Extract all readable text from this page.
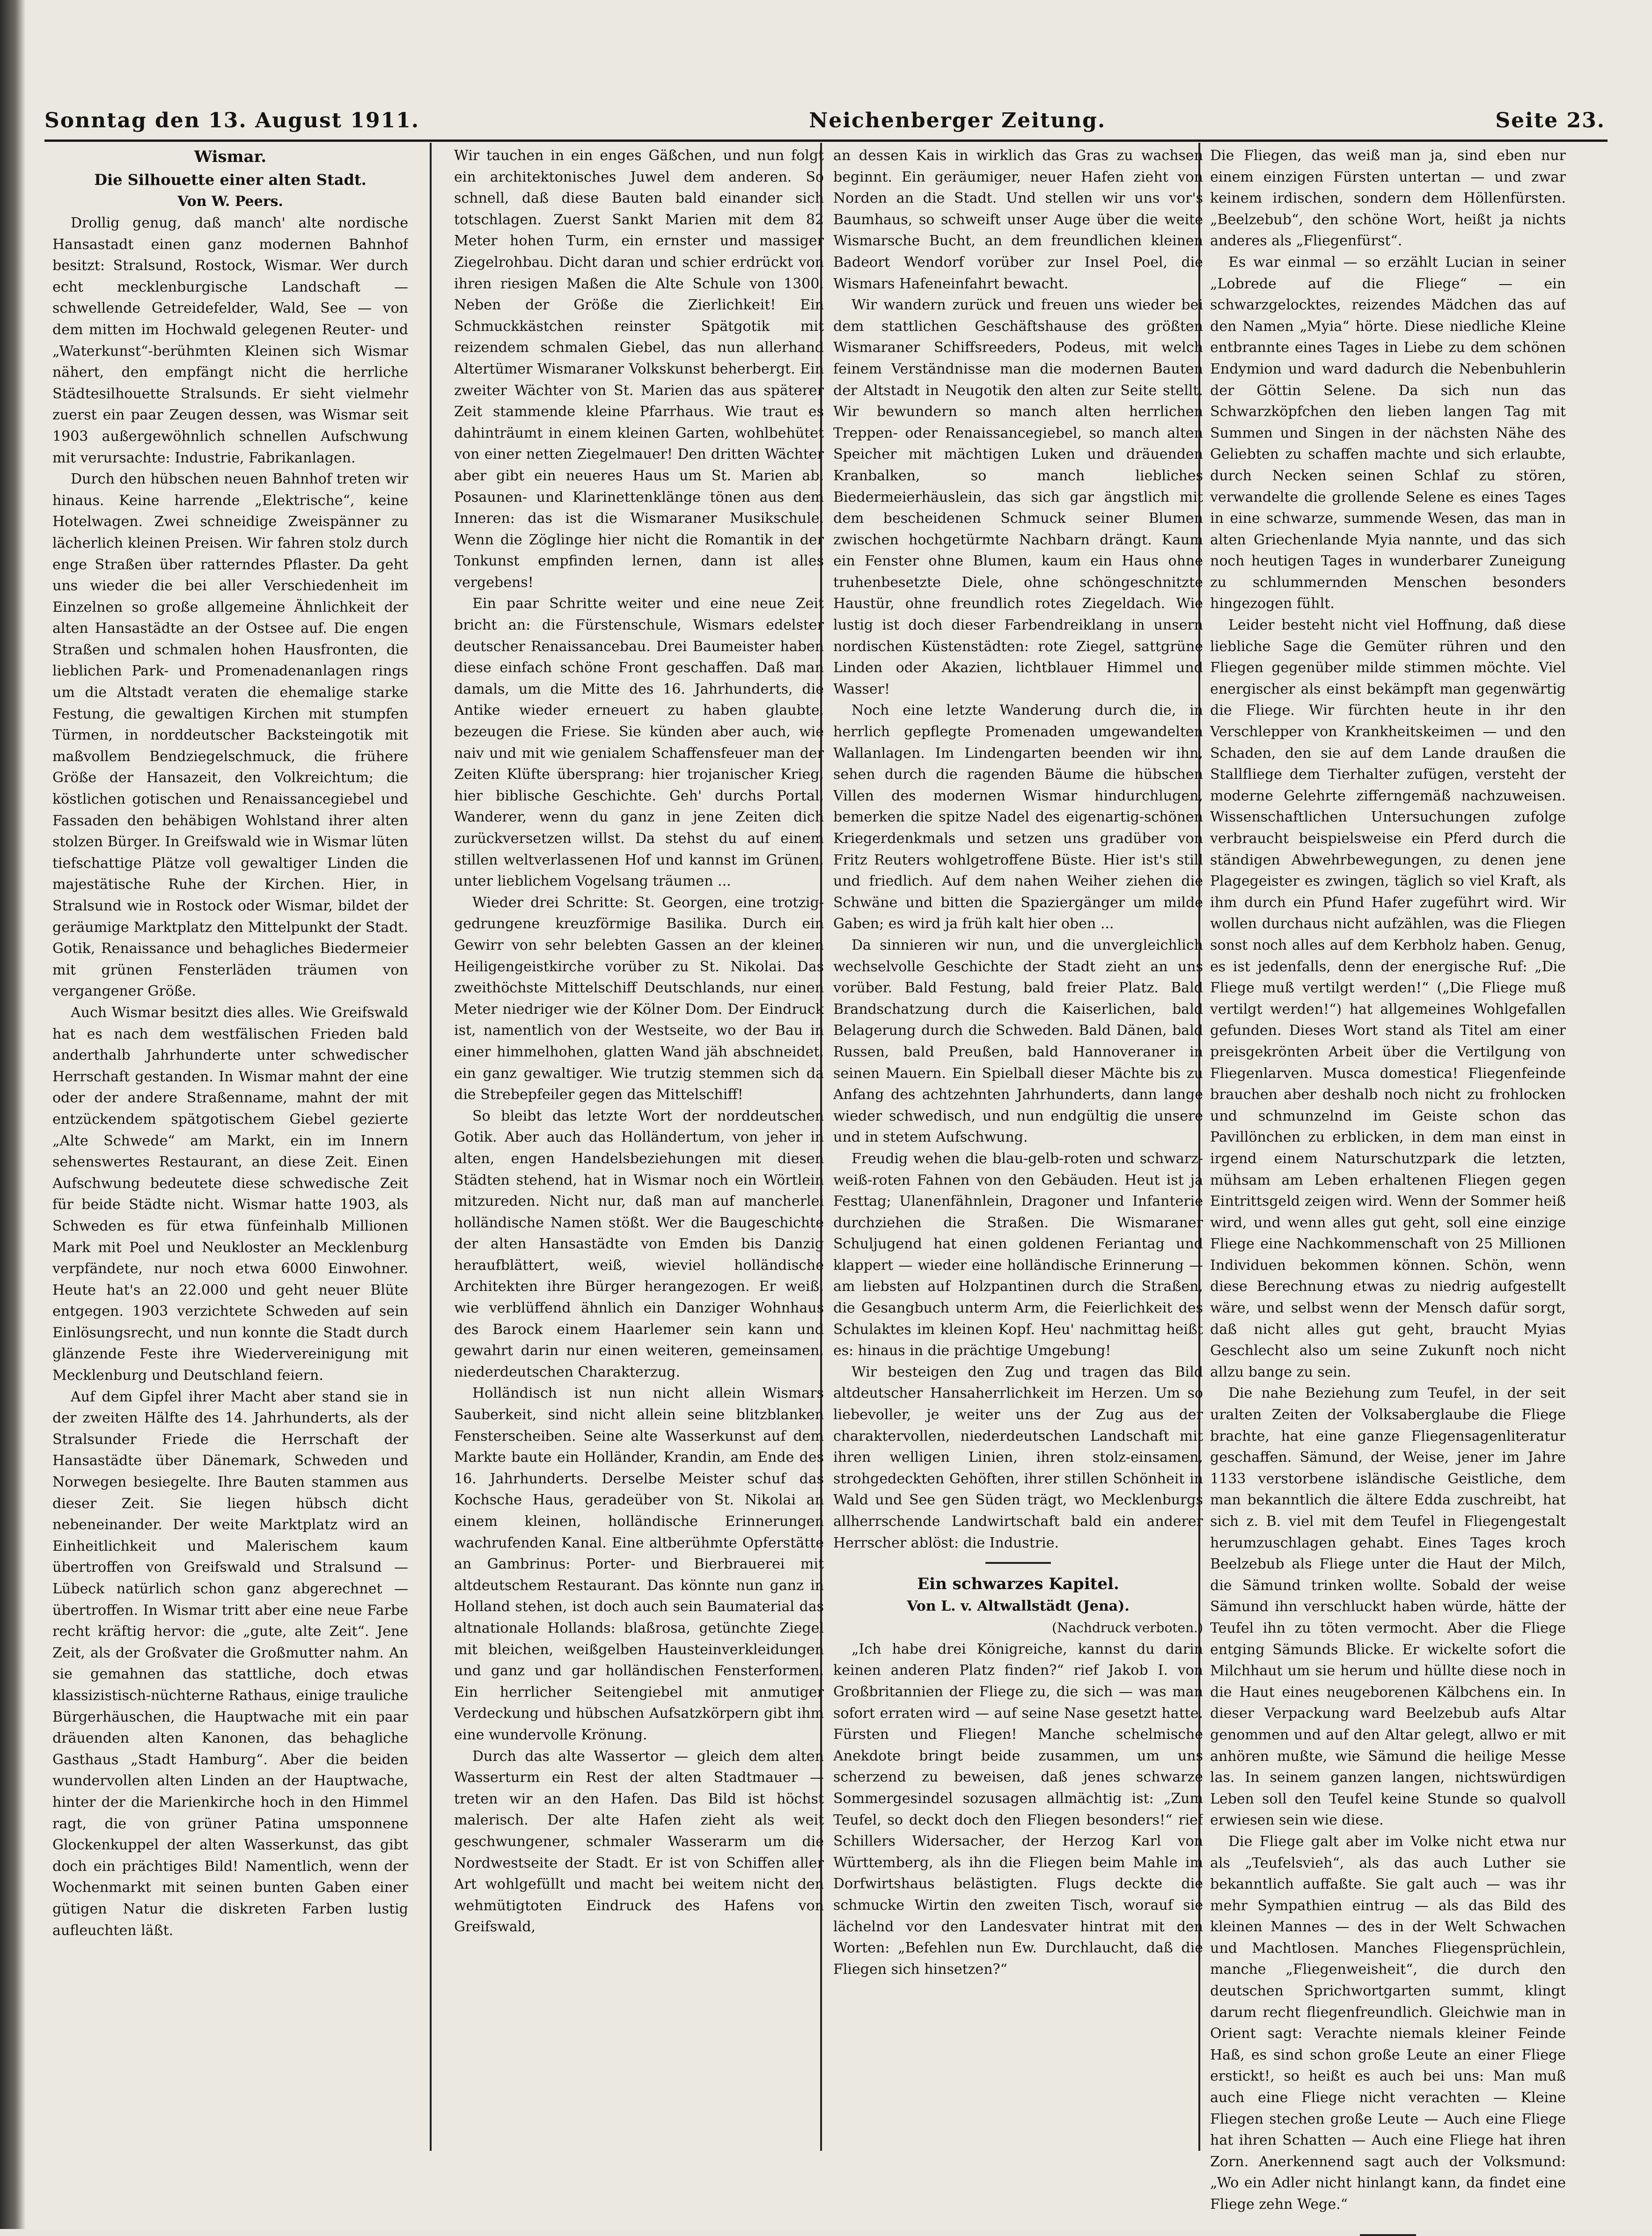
Sonntag den 13. August 1911.	Neichenberger Zeitung.	Seite 23.

Wismar.

Die Silhouette einer alten Stadt.

Von W. Peers.

Drollig genug, daß manch' alte nordische Hansastadt einen ganz modernen Bahnhof besitzt: Stralsund, Rostock, Wismar. Wer durch echt mecklenburgische Landschaft — schwellende Getreidefelder, Wald, See — von dem mitten im Hochwald gelegenen Reuter- und „Waterkunst“-berühmten Kleinen sich Wismar nähert, den empfängt nicht die herrliche Städtesilhouette Stralsunds. Er sieht vielmehr zuerst ein paar Zeugen dessen, was Wismar seit 1903 außergewöhnlich schnellen Aufschwung mit verursachte: Industrie, Fabrikanlagen.

Durch den hübschen neuen Bahnhof treten wir hinaus. Keine harrende „Elektrische“, keine Hotelwagen. Zwei schneidige Zweispänner zu lächerlich kleinen Preisen. Wir fahren stolz durch enge Straßen über ratterndes Pflaster. Da geht uns wieder die bei aller Verschiedenheit im Einzelnen so große allgemeine Ähnlichkeit der alten Hansastädte an der Ostsee auf. Die engen Straßen und schmalen hohen Hausfronten, die lieblichen Park- und Promenadenanlagen rings um die Altstadt veraten die ehemalige starke Festung, die gewaltigen Kirchen mit stumpfen Türmen, in norddeutscher Backsteingotik mit maßvollem Bendziegelschmuck, die frühere Größe der Hansazeit, den Volkreichtum; die köstlichen gotischen und Renaissancegiebel und Fassaden den behäbigen Wohlstand ihrer alten stolzen Bürger. In Greifswald wie in Wismar lüten tiefschattige Plätze voll gewaltiger Linden die majestätische Ruhe der Kirchen. Hier, in Stralsund wie in Rostock oder Wismar, bildet der geräumige Marktplatz den Mittelpunkt der Stadt. Gotik, Renaissance und behagliches Biedermeier mit grünen Fensterläden träumen von vergangener Größe.

Auch Wismar besitzt dies alles. Wie Greifswald hat es nach dem westfälischen Frieden bald anderthalb Jahrhunderte unter schwedischer Herrschaft gestanden. In Wismar mahnt der eine oder der andere Straßenname, mahnt der mit entzückendem spätgotischem Giebel gezierte „Alte Schwede“ am Markt, ein im Innern sehenswertes Restaurant, an diese Zeit. Einen Aufschwung bedeutete diese schwedische Zeit für beide Städte nicht. Wismar hatte 1903, als Schweden es für etwa fünfeinhalb Millionen Mark mit Poel und Neukloster an Mecklenburg verpfändete, nur noch etwa 6000 Einwohner. Heute hat's an 22.000 und geht neuer Blüte entgegen. 1903 verzichtete Schweden auf sein Einlösungsrecht, und nun konnte die Stadt durch glänzende Feste ihre Wiedervereinigung mit Mecklenburg und Deutschland feiern.

Auf dem Gipfel ihrer Macht aber stand sie in der zweiten Hälfte des 14. Jahrhunderts, als der Stralsunder Friede die Herrschaft der Hansastädte über Dänemark, Schweden und Norwegen besiegelte. Ihre Bauten stammen aus dieser Zeit. Sie liegen hübsch dicht nebeneinander. Der weite Marktplatz wird an Einheitlichkeit und Malerischem kaum übertroffen von Greifswald und Stralsund — Lübeck natürlich schon ganz abgerechnet — übertroffen. In Wismar tritt aber eine neue Farbe recht kräftig hervor: die „gute, alte Zeit“. Jene Zeit, als der Großvater die Großmutter nahm. An sie gemahnen das stattliche, doch etwas klassizistisch-nüchterne Rathaus, einige trauliche Bürgerhäuschen, die Hauptwache mit ein paar dräuenden alten Kanonen, das behagliche Gasthaus „Stadt Hamburg“. Aber die beiden wundervollen alten Linden an der Hauptwache, hinter der die Marienkirche hoch in den Himmel ragt, die von grüner Patina umsponnene Glockenkuppel der alten Wasserkunst, das gibt doch ein prächtiges Bild! Namentlich, wenn der Wochenmarkt mit seinen bunten Gaben einer gütigen Natur die diskreten Farben lustig aufleuchten läßt.

Wir tauchen in ein enges Gäßchen, und nun folgt ein architektonisches Juwel dem anderen. So schnell, daß diese Bauten bald einander sich totschlagen. Zuerst Sankt Marien mit dem 82 Meter hohen Turm, ein ernster und massiger Ziegelrohbau. Dicht daran und schier erdrückt von ihren riesigen Maßen die Alte Schule von 1300. Neben der Größe die Zierlichkeit! Ein Schmuckkästchen reinster Spätgotik mit reizendem schmalen Giebel, das nun allerhand Altertümer Wismaraner Volkskunst beherbergt. Ein zweiter Wächter von St. Marien das aus späterer Zeit stammende kleine Pfarrhaus. Wie traut es dahinträumt in einem kleinen Garten, wohlbehütet von einer netten Ziegelmauer! Den dritten Wächter aber gibt ein neueres Haus um St. Marien ab. Posaunen- und Klarinettenklänge tönen aus dem Inneren: das ist die Wismaraner Musikschule. Wenn die Zöglinge hier nicht die Romantik in der Tonkunst empfinden lernen, dann ist alles vergebens!

Ein paar Schritte weiter und eine neue Zeit bricht an: die Fürstenschule, Wismars edelster deutscher Renaissancebau. Drei Baumeister haben diese einfach schöne Front geschaffen. Daß man damals, um die Mitte des 16. Jahrhunderts, die Antike wieder erneuert zu haben glaubte, bezeugen die Friese. Sie künden aber auch, wie naiv und mit wie genialem Schaffensfeuer man der Zeiten Klüfte übersprang: hier trojanischer Krieg, hier biblische Geschichte. Geh' durchs Portal, Wanderer, wenn du ganz in jene Zeiten dich zurückversetzen willst. Da stehst du auf einem stillen weltverlassenen Hof und kannst im Grünen, unter lieblichem Vogelsang träumen ...

Wieder drei Schritte: St. Georgen, eine trotzig-gedrungene kreuzförmige Basilika. Durch ein Gewirr von sehr belebten Gassen an der kleinen Heiligengeistkirche vorüber zu St. Nikolai. Das zweithöchste Mittelschiff Deutschlands, nur einen Meter niedriger wie der Kölner Dom. Der Eindruck ist, namentlich von der Westseite, wo der Bau in einer himmelhohen, glatten Wand jäh abschneidet, ein ganz gewaltiger. Wie trutzig stemmen sich da die Strebepfeiler gegen das Mittelschiff!

So bleibt das letzte Wort der norddeutschen Gotik. Aber auch das Holländertum, von jeher in alten, engen Handelsbeziehungen mit diesen Städten stehend, hat in Wismar noch ein Wörtlein mitzureden. Nicht nur, daß man auf mancherlei holländische Namen stößt. Wer die Baugeschichte der alten Hansastädte von Emden bis Danzig heraufblättert, weiß, wieviel holländische Architekten ihre Bürger herangezogen. Er weiß, wie verblüffend ähnlich ein Danziger Wohnhaus des Barock einem Haarlemer sein kann und gewahrt darin nur einen weiteren, gemeinsamen, niederdeutschen Charakterzug.

Holländisch ist nun nicht allein Wismars Sauberkeit, sind nicht allein seine blitzblanken Fensterscheiben. Seine alte Wasserkunst auf dem Markte baute ein Holländer, Krandin, am Ende des 16. Jahrhunderts. Derselbe Meister schuf das Kochsche Haus, geradeüber von St. Nikolai an einem kleinen, holländische Erinnerungen wachrufenden Kanal. Eine altberühmte Opferstätte an Gambrinus: Porter- und Bierbrauerei mit altdeutschem Restaurant. Das könnte nun ganz in Holland stehen, ist doch auch sein Baumaterial das altnationale Hollands: blaßrosa, getünchte Ziegel mit bleichen, weißgelben Hausteinverkleidungen und ganz und gar holländischen Fensterformen. Ein herrlicher Seitengiebel mit anmutiger Verdeckung und hübschen Aufsatzkörpern gibt ihm eine wundervolle Krönung.

Durch das alte Wassertor — gleich dem alten Wasserturm ein Rest der alten Stadtmauer — treten wir an den Hafen. Das Bild ist höchst malerisch. Der alte Hafen zieht als weit geschwungener, schmaler Wasserarm um die Nordwestseite der Stadt. Er ist von Schiffen aller Art wohlgefüllt und macht bei weitem nicht den wehmütigtoten Eindruck des Hafens von Greifswald,

an dessen Kais in wirklich das Gras zu wachsen beginnt. Ein geräumiger, neuer Hafen zieht von Norden an die Stadt. Und stellen wir uns vor's Baumhaus, so schweift unser Auge über die weite Wismarsche Bucht, an dem freundlichen kleinen Badeort Wendorf vorüber zur Insel Poel, die Wismars Hafeneinfahrt bewacht.

Wir wandern zurück und freuen uns wieder bei dem stattlichen Geschäftshause des größten Wismaraner Schiffsreeders, Podeus, mit welch feinem Verständnisse man die modernen Bauten der Altstadt in Neugotik den alten zur Seite stellt. Wir bewundern so manch alten herrlichen Treppen- oder Renaissancegiebel, so manch alten Speicher mit mächtigen Luken und dräuenden Kranbalken, so manch liebliches Biedermeierhäuslein, das sich gar ängstlich mit dem bescheidenen Schmuck seiner Blumen zwischen hochgetürmte Nachbarn drängt. Kaum ein Fenster ohne Blumen, kaum ein Haus ohne truhenbesetzte Diele, ohne schöngeschnitzte Haustür, ohne freundlich rotes Ziegeldach. Wie lustig ist doch dieser Farbendreiklang in unsern nordischen Küstenstädten: rote Ziegel, sattgrüne Linden oder Akazien, lichtblauer Himmel und Wasser!

Noch eine letzte Wanderung durch die, in herrlich gepflegte Promenaden umgewandelten Wallanlagen. Im Lindengarten beenden wir ihn, sehen durch die ragenden Bäume die hübschen Villen des modernen Wismar hindurchlugen, bemerken die spitze Nadel des eigenartig-schönen Kriegerdenkmals und setzen uns gradüber von Fritz Reuters wohlgetroffene Büste. Hier ist's still und friedlich. Auf dem nahen Weiher ziehen die Schwäne und bitten die Spaziergänger um milde Gaben; es wird ja früh kalt hier oben ...

Da sinnieren wir nun, und die unvergleichlich wechselvolle Geschichte der Stadt zieht an uns vorüber. Bald Festung, bald freier Platz. Bald Brandschatzung durch die Kaiserlichen, bald Belagerung durch die Schweden. Bald Dänen, bald Russen, bald Preußen, bald Hannoveraner in seinen Mauern. Ein Spielball dieser Mächte bis zu Anfang des achtzehnten Jahrhunderts, dann lange wieder schwedisch, und nun endgültig die unsere und in stetem Aufschwung.

Freudig wehen die blau-gelb-roten und schwarz-weiß-roten Fahnen von den Gebäuden. Heut ist ja Festtag; Ulanenfähnlein, Dragoner und Infanterie durchziehen die Straßen. Die Wismaraner Schuljugend hat einen goldenen Feriantag und klappert — wieder eine holländische Erinnerung — am liebsten auf Holzpantinen durch die Straßen, die Gesangbuch unterm Arm, die Feierlichkeit des Schulaktes im kleinen Kopf. Heu' nachmittag heißt es: hinaus in die prächtige Umgebung!

Wir besteigen den Zug und tragen das Bild altdeutscher Hansaherrlichkeit im Herzen. Um so liebevoller, je weiter uns der Zug aus der charaktervollen, niederdeutschen Landschaft mit ihren welligen Linien, ihren stolz-einsamen, strohgedeckten Gehöften, ihrer stillen Schönheit in Wald und See gen Süden trägt, wo Mecklenburgs allherrschende Landwirtschaft bald ein anderer Herrscher ablöst: die Industrie.

Ein schwarzes Kapitel.

Von L. v. Altwallstädt (Jena).

(Nachdruck verboten.)

„Ich habe drei Königreiche, kannst du darin keinen anderen Platz finden?“ rief Jakob I. von Großbritannien der Fliege zu, die sich — was man sofort erraten wird — auf seine Nase gesetzt hatte. Fürsten und Fliegen! Manche schelmische Anekdote bringt beide zusammen, um uns scherzend zu beweisen, daß jenes schwarze Sommergesindel sozusagen allmächtig ist: „Zum Teufel, so deckt doch den Fliegen besonders!“ rief Schillers Widersacher, der Herzog Karl von Württemberg, als ihn die Fliegen beim Mahle im Dorfwirtshaus belästigten. Flugs deckte die schmucke Wirtin den zweiten Tisch, worauf sie lächelnd vor den Landesvater hintrat mit den Worten: „Befehlen nun Ew. Durchlaucht, daß die Fliegen sich hinsetzen?“

Die Fliegen, das weiß man ja, sind eben nur einem einzigen Fürsten untertan — und zwar keinem irdischen, sondern dem Höllenfürsten. „Beelzebub“, den schöne Wort, heißt ja nichts anderes als „Fliegenfürst“.

Es war einmal — so erzählt Lucian in seiner „Lobrede auf die Fliege“ — ein schwarzgelocktes, reizendes Mädchen das auf den Namen „Myia“ hörte. Diese niedliche Kleine entbrannte eines Tages in Liebe zu dem schönen Endymion und ward dadurch die Nebenbuhlerin der Göttin Selene. Da sich nun das Schwarzköpfchen den lieben langen Tag mit Summen und Singen in der nächsten Nähe des Geliebten zu schaffen machte und sich erlaubte, durch Necken seinen Schlaf zu stören, verwandelte die grollende Selene es eines Tages in eine schwarze, summende Wesen, das man in alten Griechenlande Myia nannte, und das sich noch heutigen Tages in wunderbarer Zuneigung zu schlummernden Menschen besonders hingezogen fühlt.

Leider besteht nicht viel Hoffnung, daß diese liebliche Sage die Gemüter rühren und den Fliegen gegenüber milde stimmen möchte. Viel energischer als einst bekämpft man gegenwärtig die Fliege. Wir fürchten heute in ihr den Verschlepper von Krankheitskeimen — und den Schaden, den sie auf dem Lande draußen die Stallfliege dem Tierhalter zufügen, versteht der moderne Gelehrte zifferngemäß nachzuweisen. Wissenschaftlichen Untersuchungen zufolge verbraucht beispielsweise ein Pferd durch die ständigen Abwehrbewegungen, zu denen jene Plagegeister es zwingen, täglich so viel Kraft, als ihm durch ein Pfund Hafer zugeführt wird. Wir wollen durchaus nicht aufzählen, was die Fliegen sonst noch alles auf dem Kerbholz haben. Genug, es ist jedenfalls, denn der energische Ruf: „Die Fliege muß vertilgt werden!“ („Die Fliege muß vertilgt werden!“) hat allgemeines Wohlgefallen gefunden. Dieses Wort stand als Titel am einer preisgekrönten Arbeit über die Vertilgung von Fliegenlarven. Musca domestica! Fliegenfeinde brauchen aber deshalb noch nicht zu frohlocken und schmunzelnd im Geiste schon das Pavillönchen zu erblicken, in dem man einst in irgend einem Naturschutzpark die letzten, mühsam am Leben erhaltenen Fliegen gegen Eintrittsgeld zeigen wird. Wenn der Sommer heiß wird, und wenn alles gut geht, soll eine einzige Fliege eine Nachkommenschaft von 25 Millionen Individuen bekommen können. Schön, wenn diese Berechnung etwas zu niedrig aufgestellt wäre, und selbst wenn der Mensch dafür sorgt, daß nicht alles gut geht, braucht Myias Geschlecht also um seine Zukunft noch nicht allzu bange zu sein.

Die nahe Beziehung zum Teufel, in der seit uralten Zeiten der Volksaberglaube die Fliege brachte, hat eine ganze Fliegensagenliteratur geschaffen. Sämund, der Weise, jener im Jahre 1133 verstorbene isländische Geistliche, dem man bekanntlich die ältere Edda zuschreibt, hat sich z. B. viel mit dem Teufel in Fliegengestalt herumzuschlagen gehabt. Eines Tages kroch Beelzebub als Fliege unter die Haut der Milch, die Sämund trinken wollte. Sobald der weise Sämund ihn verschluckt haben würde, hätte der Teufel ihn zu töten vermocht. Aber die Fliege entging Sämunds Blicke. Er wickelte sofort die Milchhaut um sie herum und hüllte diese noch in die Haut eines neugeborenen Kälbchens ein. In dieser Verpackung ward Beelzebub aufs Altar genommen und auf den Altar gelegt, allwo er mit anhören mußte, wie Sämund die heilige Messe las. In seinem ganzen langen, nichtswürdigen Leben soll den Teufel keine Stunde so qualvoll erwiesen sein wie diese.

Die Fliege galt aber im Volke nicht etwa nur als „Teufelsvieh“, als das auch Luther sie bekanntlich auffaßte. Sie galt auch — was ihr mehr Sympathien eintrug — als das Bild des kleinen Mannes — des in der Welt Schwachen und Machtlosen. Manches Fliegensprüchlein, manche „Fliegenweisheit“, die durch den deutschen Sprichwortgarten summt, klingt darum recht fliegenfreundlich. Gleichwie man in Orient sagt: Verachte niemals kleiner Feinde Haß, es sind schon große Leute an einer Fliege erstickt!, so heißt es auch bei uns: Man muß auch eine Fliege nicht verachten — Kleine Fliegen stechen große Leute — Auch eine Fliege hat ihren Schatten — Auch eine Fliege hat ihren Zorn. Anerkennend sagt auch der Volksmund: „Wo ein Adler nicht hinlangt kann, da findet eine Fliege zehn Wege.“
